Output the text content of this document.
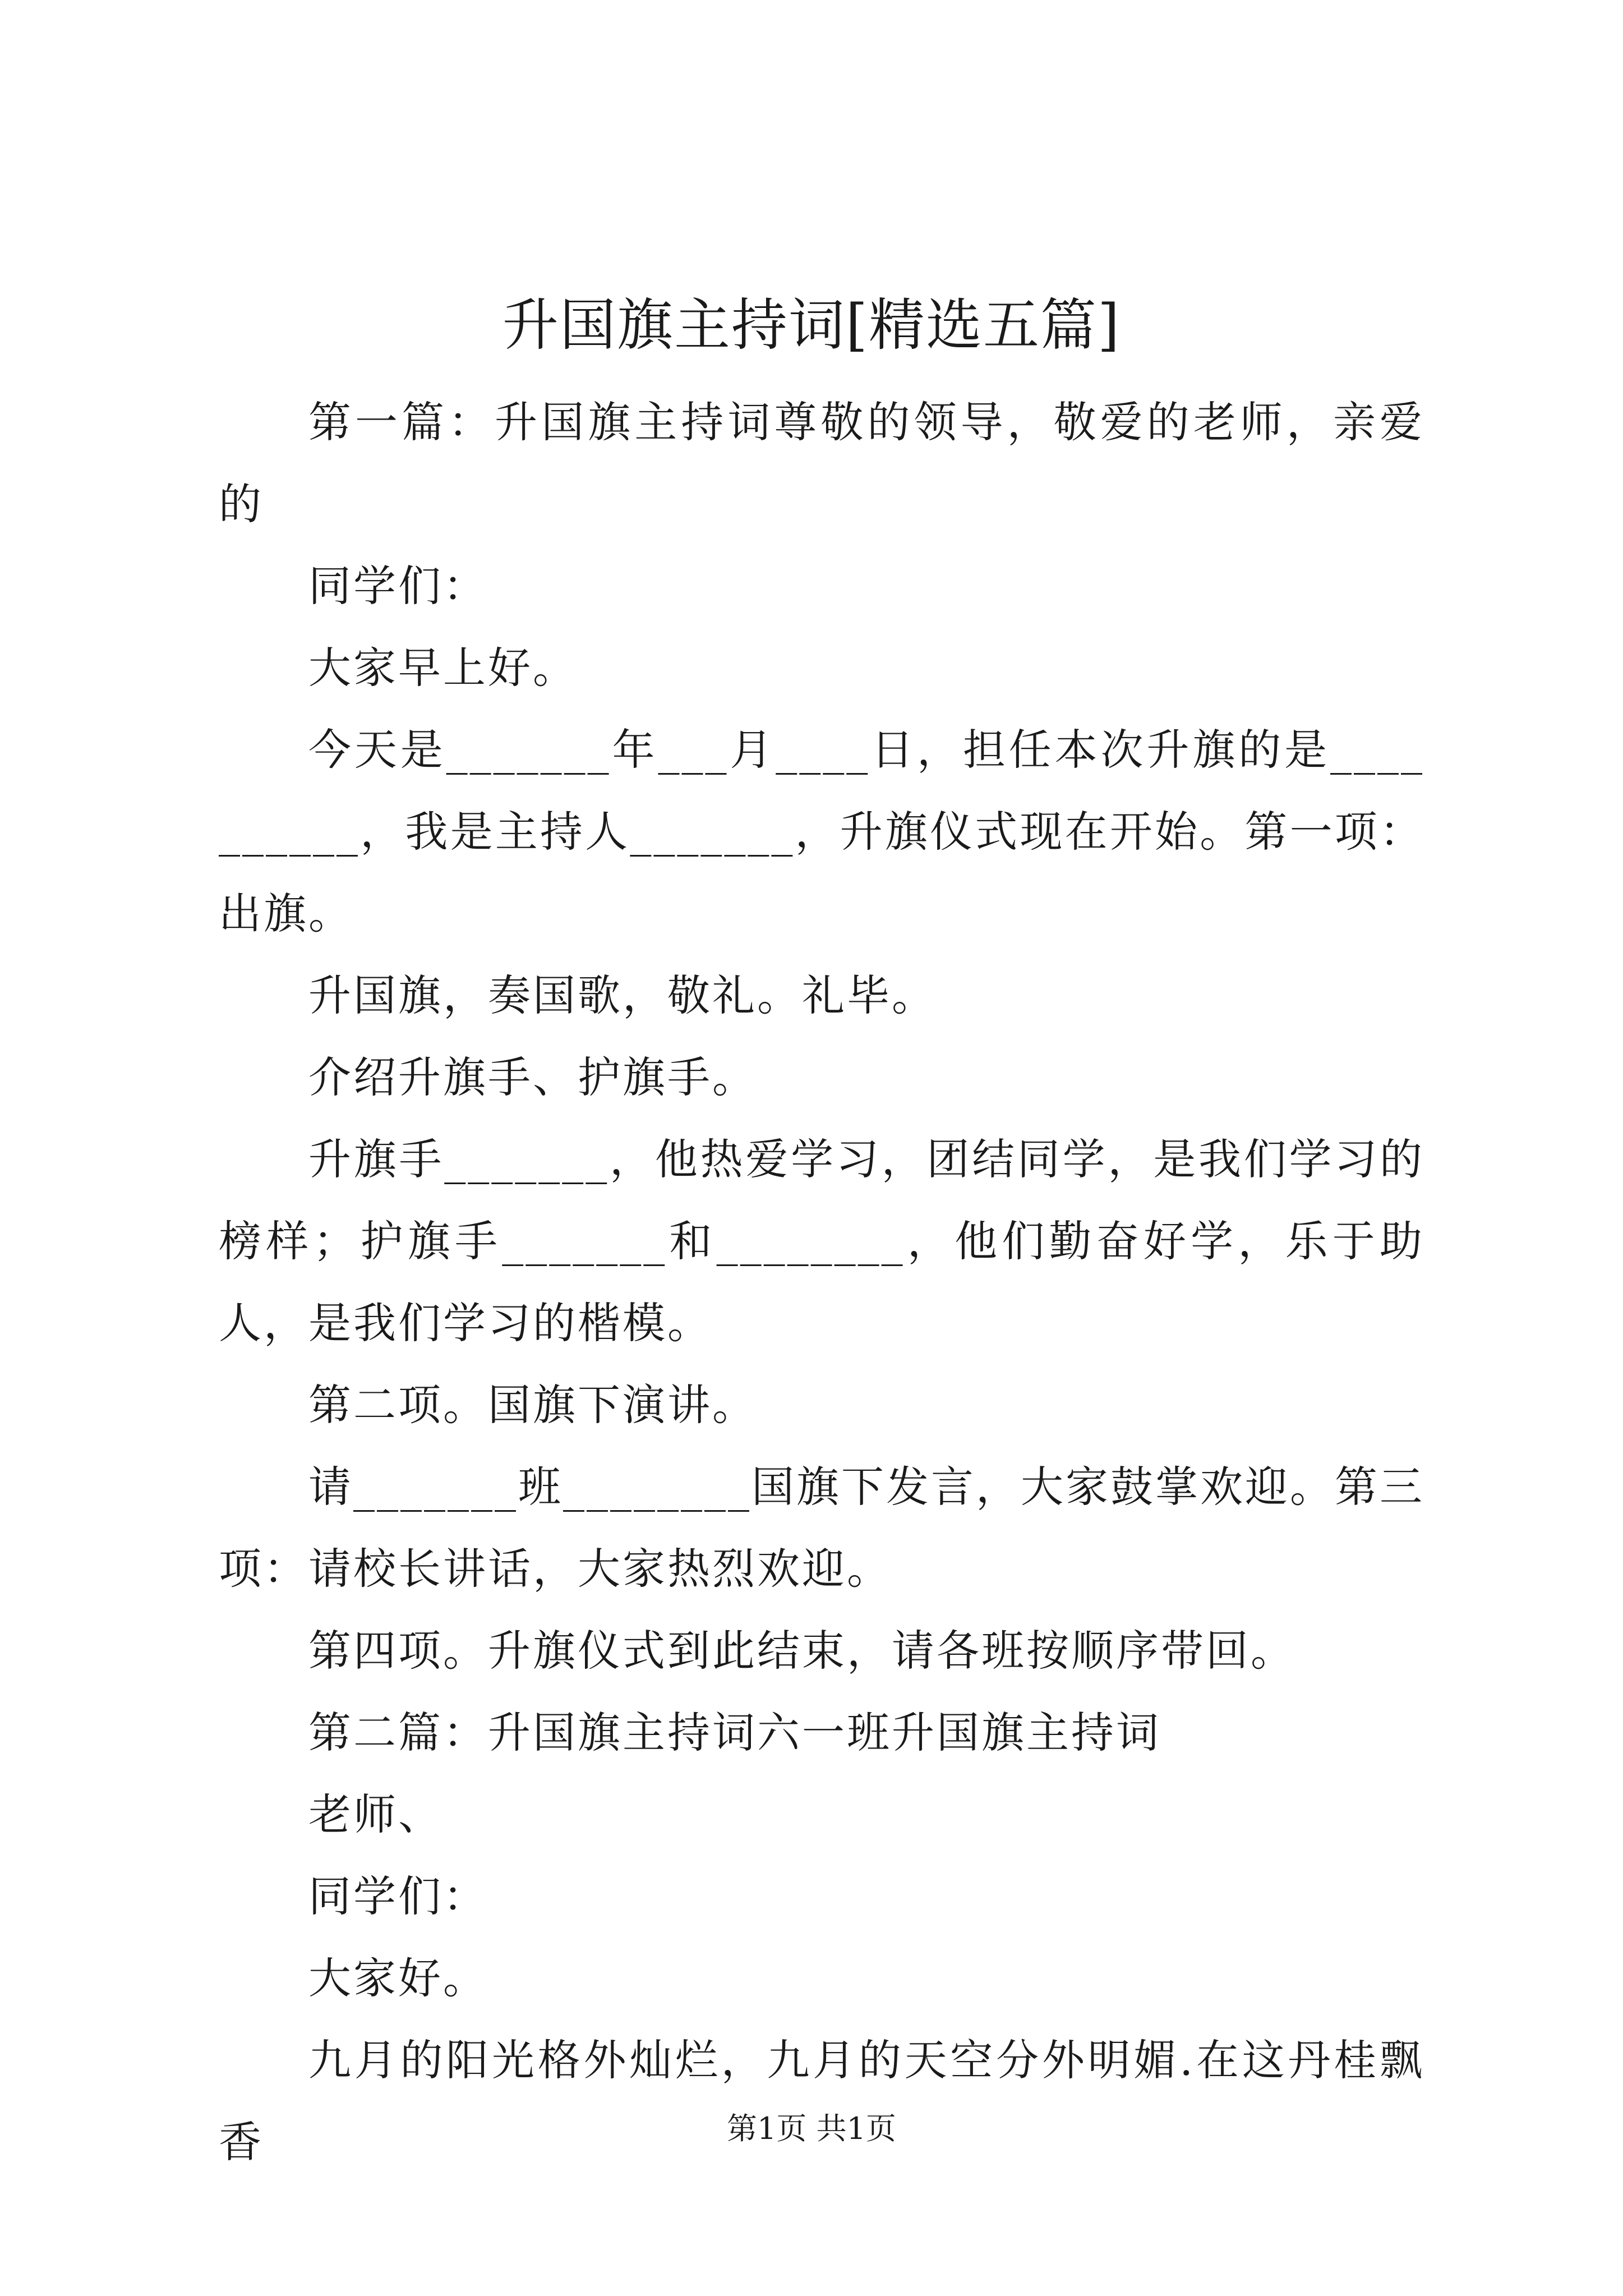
升国旗主持词[精选五篇]

第一篇：升国旗主持词尊敬的领导，敬爱的老师，亲爱的

同学们：

大家早上好。

今天是_______年___月____日，担任本次升旗的是__________，我是主持人_______，升旗仪式现在开始。第一项：出旗。

升国旗，奏国歌，敬礼。礼毕。

介绍升旗手、护旗手。

升旗手_______，他热爱学习，团结同学，是我们学习的榜样；护旗手_______和________，他们勤奋好学，乐于助人，是我们学习的楷模。

第二项。国旗下演讲。

请_______班________国旗下发言，大家鼓掌欢迎。第三项：请校长讲话，大家热烈欢迎。

第四项。升旗仪式到此结束，请各班按顺序带回。

第二篇：升国旗主持词六一班升国旗主持词

老师、

同学们：

大家好。

九月的阳光格外灿烂，九月的天空分外明媚.在这丹桂飘香	第1页 共1页
